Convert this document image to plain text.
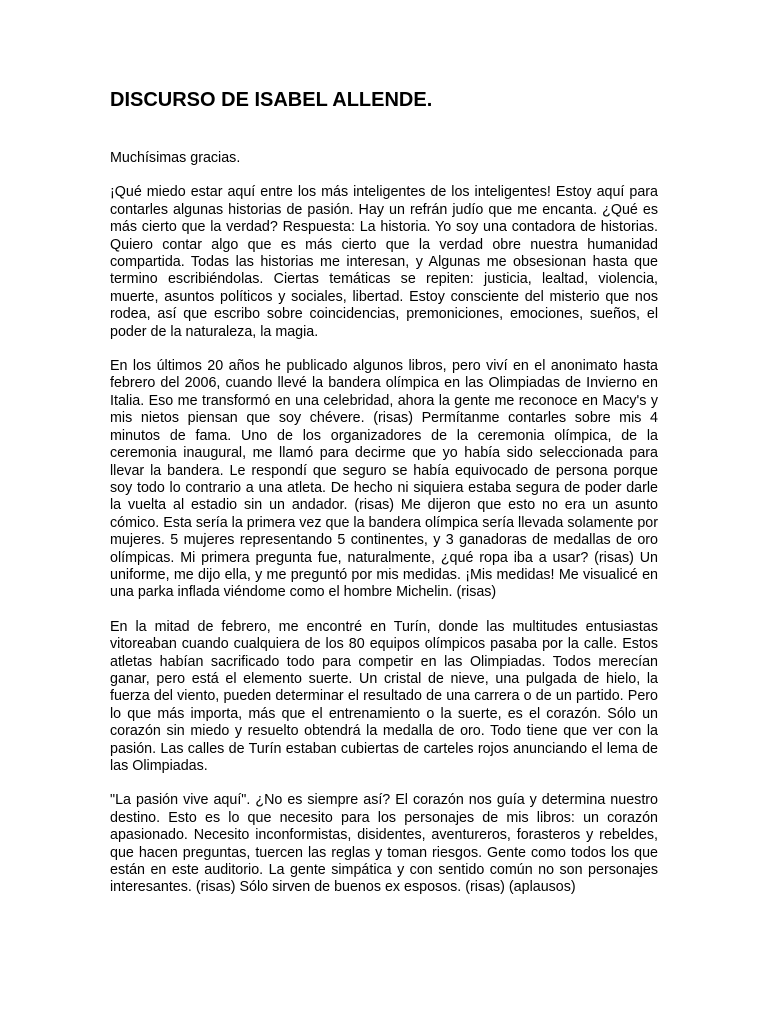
DISCURSO DE ISABEL ALLENDE.

Muchísimas gracias.

¡Qué miedo estar aquí entre los más inteligentes de los inteligentes! Estoy aquí para contarles algunas historias de pasión. Hay un refrán judío que me encanta. ¿Qué es más cierto que la verdad? Respuesta: La historia. Yo soy una contadora de historias. Quiero contar algo que es más cierto que la verdad obre nuestra humanidad compartida. Todas las historias me interesan, y Algunas me obsesionan hasta que termino escribiéndolas. Ciertas temáticas se repiten: justicia, lealtad, violencia, muerte, asuntos políticos y sociales, libertad. Estoy consciente del misterio que nos rodea, así que escribo sobre coincidencias, premoniciones, emociones, sueños, el poder de la naturaleza, la magia.

En los últimos 20 años he publicado algunos libros, pero viví en el anonimato hasta febrero del 2006, cuando llevé la bandera olímpica en las Olimpiadas de Invierno en Italia. Eso me transformó en una celebridad, ahora la gente me reconoce en Macy's y mis nietos piensan que soy chévere. (risas) Permítanme contarles sobre mis 4 minutos de fama. Uno de los organizadores de la ceremonia olímpica, de la ceremonia inaugural, me llamó para decirme que yo había sido seleccionada para llevar la bandera. Le respondí que seguro se había equivocado de persona porque soy todo lo contrario a una atleta. De hecho ni siquiera estaba segura de poder darle la vuelta al estadio sin un andador. (risas) Me dijeron que esto no era un asunto cómico. Esta sería la primera vez que la bandera olímpica sería llevada solamente por mujeres. 5 mujeres representando 5 continentes, y 3 ganadoras de medallas de oro olímpicas. Mi primera pregunta fue, naturalmente, ¿qué ropa iba a usar? (risas) Un uniforme, me dijo ella, y me preguntó por mis medidas. ¡Mis medidas! Me visualicé en una parka inflada viéndome como el hombre Michelin. (risas)

En la mitad de febrero, me encontré en Turín, donde las multitudes entusiastas vitoreaban cuando cualquiera de los 80 equipos olímpicos pasaba por la calle. Estos atletas habían sacrificado todo para competir en las Olimpiadas. Todos merecían ganar, pero está el elemento suerte. Un cristal de nieve, una pulgada de hielo, la fuerza del viento, pueden determinar el resultado de una carrera o de un partido. Pero lo que más importa, más que el entrenamiento o la suerte, es el corazón. Sólo un corazón sin miedo y resuelto obtendrá la medalla de oro. Todo tiene que ver con la pasión. Las calles de Turín estaban cubiertas de carteles rojos anunciando el lema de las Olimpiadas.

"La pasión vive aquí". ¿No es siempre así? El corazón nos guía y determina nuestro destino. Esto es lo que necesito para los personajes de mis libros: un corazón apasionado. Necesito inconformistas, disidentes, aventureros, forasteros y rebeldes, que hacen preguntas, tuercen las reglas y toman riesgos. Gente como todos los que están en este auditorio. La gente simpática y con sentido común no son personajes interesantes. (risas) Sólo sirven de buenos ex esposos. (risas) (aplausos)
